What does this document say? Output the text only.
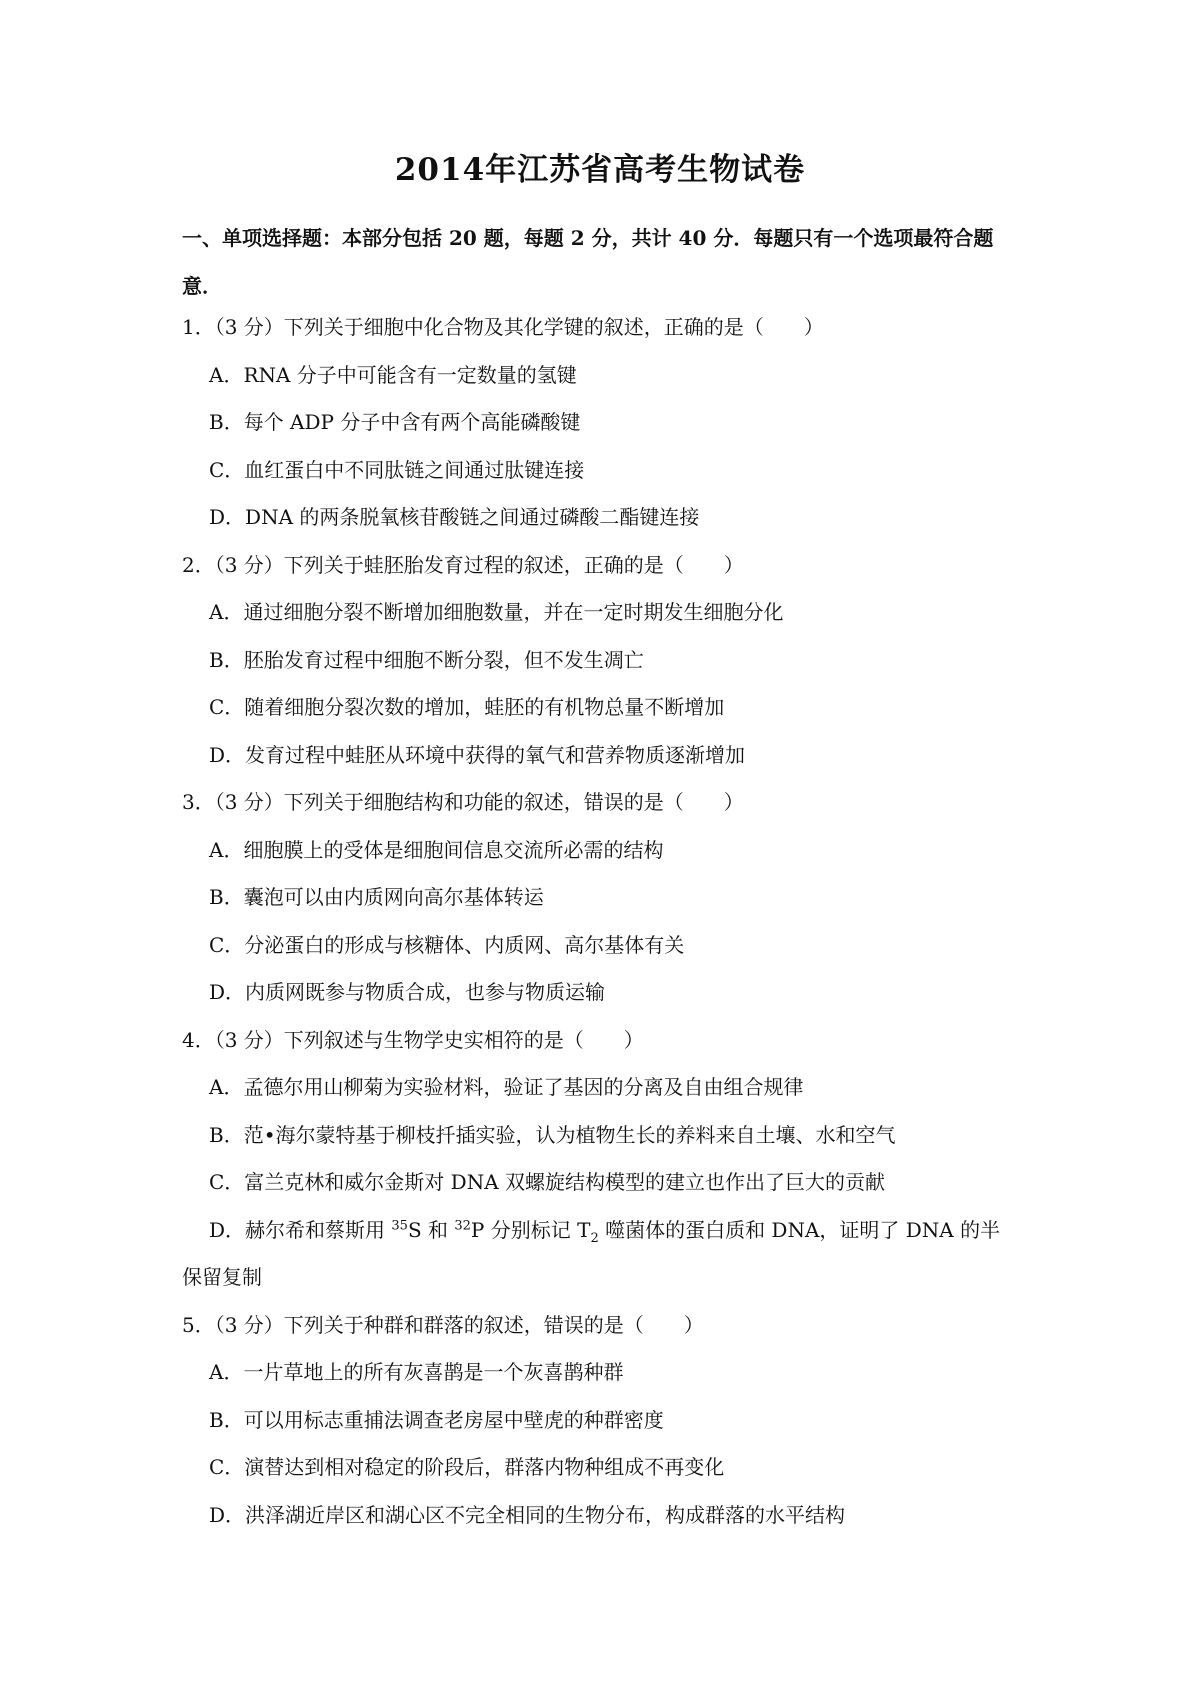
2014年江苏省高考生物试卷
一、单项选择题：本部分包括 20 题，每题 2 分，共计 40 分．每题只有一个选项最符合题
意．
1．（3 分）下列关于细胞中化合物及其化学键的叙述，正确的是（　　）
A．RNA 分子中可能含有一定数量的氢键
B．每个 ADP 分子中含有两个高能磷酸键
C．血红蛋白中不同肽链之间通过肽键连接
D．DNA 的两条脱氧核苷酸链之间通过磷酸二酯键连接
2．（3 分）下列关于蛙胚胎发育过程的叙述，正确的是（　　）
A．通过细胞分裂不断增加细胞数量，并在一定时期发生细胞分化
B．胚胎发育过程中细胞不断分裂，但不发生凋亡
C．随着细胞分裂次数的增加，蛙胚的有机物总量不断增加
D．发育过程中蛙胚从环境中获得的氧气和营养物质逐渐增加
3．（3 分）下列关于细胞结构和功能的叙述，错误的是（　　）
A．细胞膜上的受体是细胞间信息交流所必需的结构
B．囊泡可以由内质网向高尔基体转运
C．分泌蛋白的形成与核糖体、内质网、高尔基体有关
D．内质网既参与物质合成，也参与物质运输
4．（3 分）下列叙述与生物学史实相符的是（　　）
A．孟德尔用山柳菊为实验材料，验证了基因的分离及自由组合规律
B．范•海尔蒙特基于柳枝扦插实验，认为植物生长的养料来自土壤、水和空气
C．富兰克林和威尔金斯对 DNA 双螺旋结构模型的建立也作出了巨大的贡献
D．赫尔希和蔡斯用 $^{35}$S 和 $^{32}$P 分别标记 $T_2$ 噬菌体的蛋白质和 DNA，证明了 DNA 的半
保留复制
5．（3 分）下列关于种群和群落的叙述，错误的是（　　）
A．一片草地上的所有灰喜鹊是一个灰喜鹊种群
B．可以用标志重捕法调查老房屋中壁虎的种群密度
C．演替达到相对稳定的阶段后，群落内物种组成不再变化
D．洪泽湖近岸区和湖心区不完全相同的生物分布，构成群落的水平结构
